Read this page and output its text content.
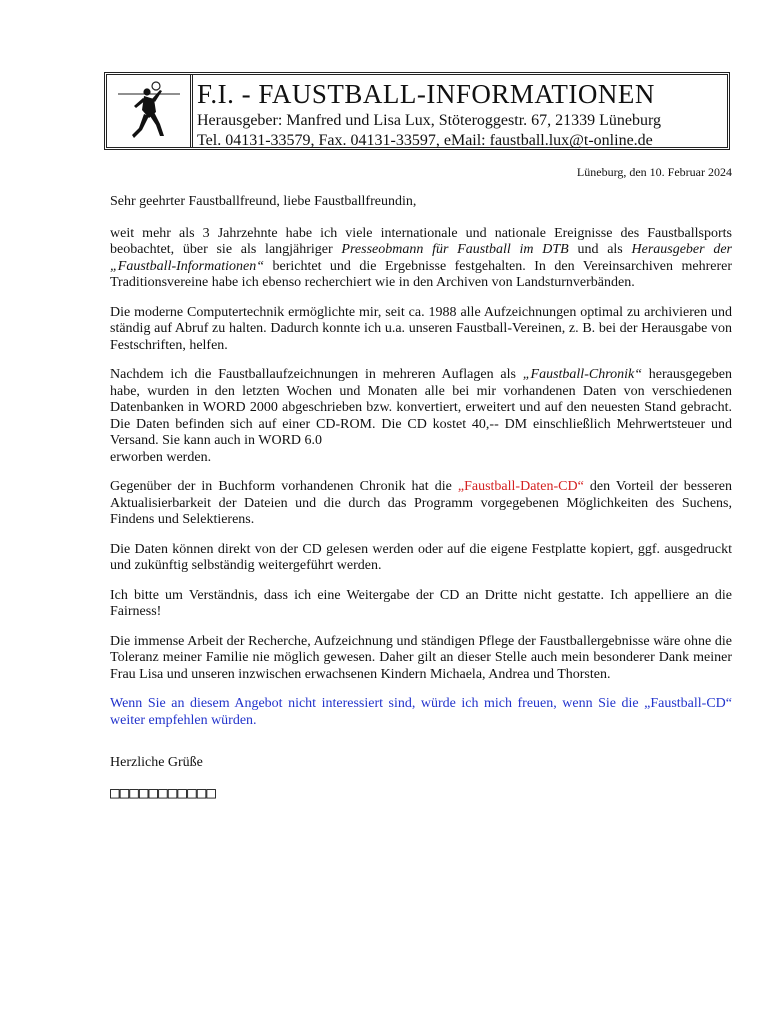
F.I. - FAUSTBALL-INFORMATIONEN
Herausgeber: Manfred und Lisa Lux, Stöteroggestr. 67, 21339 Lüneburg
Tel. 04131-33579, Fax. 04131-33597, eMail: faustball.lux@t-online.de
Lüneburg, den 10. Februar 2024

Sehr geehrter Faustballfreund, liebe Faustballfreundin,

weit mehr als 3 Jahrzehnte habe ich viele internationale und nationale Ereignisse des Faustballsports beobachtet, über sie als langjähriger Presseobmann für Faustball im DTB und als Herausgeber der „Faustball-Informationen“ berichtet und die Ergebnisse festgehalten. In den Vereinsarchiven mehrerer Traditionsvereine habe ich ebenso recherchiert wie in den Archiven von Landsturnverbänden.

Die moderne Computertechnik ermöglichte mir, seit ca. 1988 alle Aufzeichnungen optimal zu archivieren und ständig auf Abruf zu halten. Dadurch konnte ich u.a. unseren Faustball-Vereinen, z. B. bei der Herausgabe von Festschriften, helfen.

Nachdem ich die Faustballaufzeichnungen in mehreren Auflagen als „Faustball-Chronik“ herausgegeben habe, wurden in den letzten Wochen und Monaten alle bei mir vorhandenen Daten von verschiedenen Datenbanken in WORD 2000 abgeschrieben bzw. konvertiert, erweitert und auf den neuesten Stand gebracht. Die Daten befinden sich auf einer CD-ROM. Die CD kostet 40,-- DM einschließlich Mehrwertsteuer und Versand. Sie kann auch in WORD 6.0
erworben werden.

Gegenüber der in Buchform vorhandenen Chronik hat die „Faustball-Daten-CD“ den Vorteil der besseren Aktualisierbarkeit der Dateien und die durch das Programm vorgegebenen Möglichkeiten des Suchens, Findens und Selektierens.

Die Daten können direkt von der CD gelesen werden oder auf die eigene Festplatte kopiert, ggf. ausgedruckt und zukünftig selbständig weitergeführt werden.

Ich bitte um Verständnis, dass ich eine Weitergabe der CD an Dritte nicht gestatte. Ich appelliere an die Fairness!

Die immense Arbeit der Recherche, Aufzeichnung und ständigen Pflege der Faustballergebnisse wäre ohne die Toleranz meiner Familie nie möglich gewesen. Daher gilt an dieser Stelle auch mein besonderer Dank meiner Frau Lisa und unseren inzwischen erwachsenen Kindern Michaela, Andrea und Thorsten.

Wenn Sie an diesem Angebot nicht interessiert sind, würde ich mich freuen, wenn Sie die „Faustball-CD“ weiter empfehlen würden.

Herzliche Grüße

□□□□□□□□□□□
